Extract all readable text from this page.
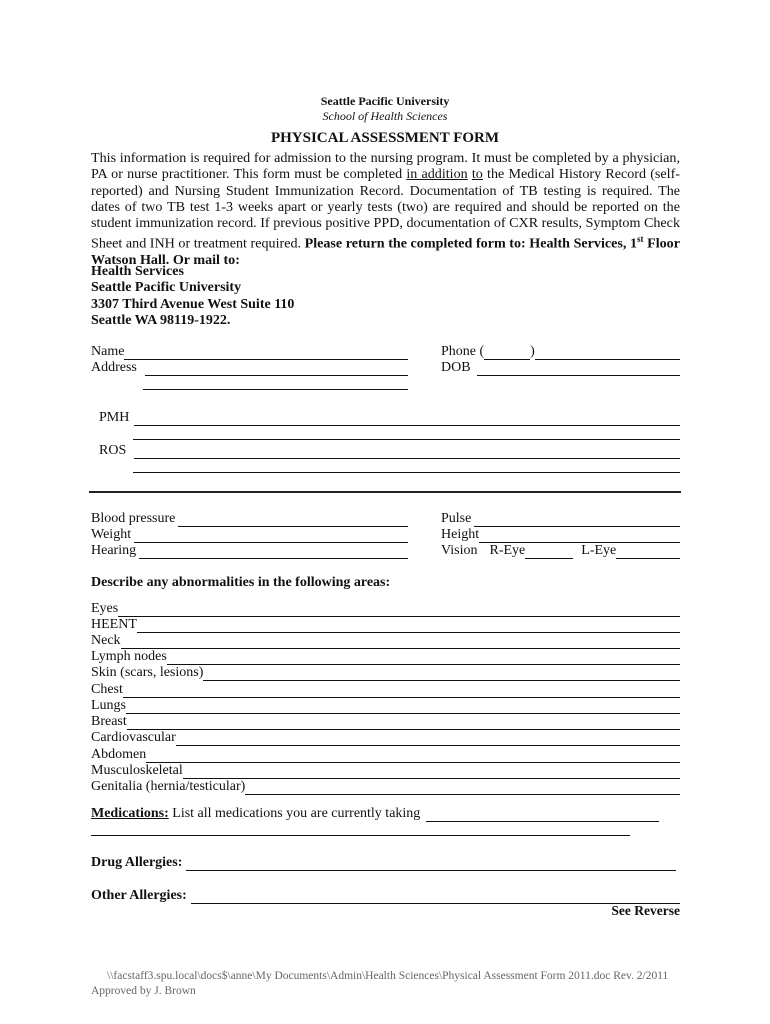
Seattle Pacific University
School of Health Sciences
PHYSICAL ASSESSMENT FORM

This information is required for admission to the nursing program. It must be completed by a physician, PA or nurse practitioner. This form must be completed in addition to the Medical History Record (self-reported) and Nursing Student Immunization Record. Documentation of TB testing is required. The dates of two TB test 1-3 weeks apart or yearly tests (two) are required and should be reported on the student immunization record. If previous positive PPD, documentation of CXR results, Symptom Check Sheet and INH or treatment required. Please return the completed form to: Health Services, 1st Floor Watson Hall. Or mail to:

Health Services
Seattle Pacific University
3307 Third Avenue West Suite 110
Seattle WA 98119-1922.
Name
Address
Phone (	)
DOB
PMH
ROS
Blood pressure
Weight
Hearing
Pulse
Height
Vision R-Eye	L-Eye
Describe any abnormalities in the following areas:
Eyes
HEENT
Neck
Lymph nodes
Skin (scars, lesions)
Chest
Lungs
Breast
Cardiovascular
Abdomen
Musculoskeletal
Genitalia (hernia/testicular)
Medications: List all medications you are currently taking
Drug Allergies:
Other Allergies:
See Reverse
\\facstaff3.spu.local\docs$\anne\My Documents\Admin\Health Sciences\Physical Assessment Form 2011.doc Rev. 2/2011
Approved by J. Brown
